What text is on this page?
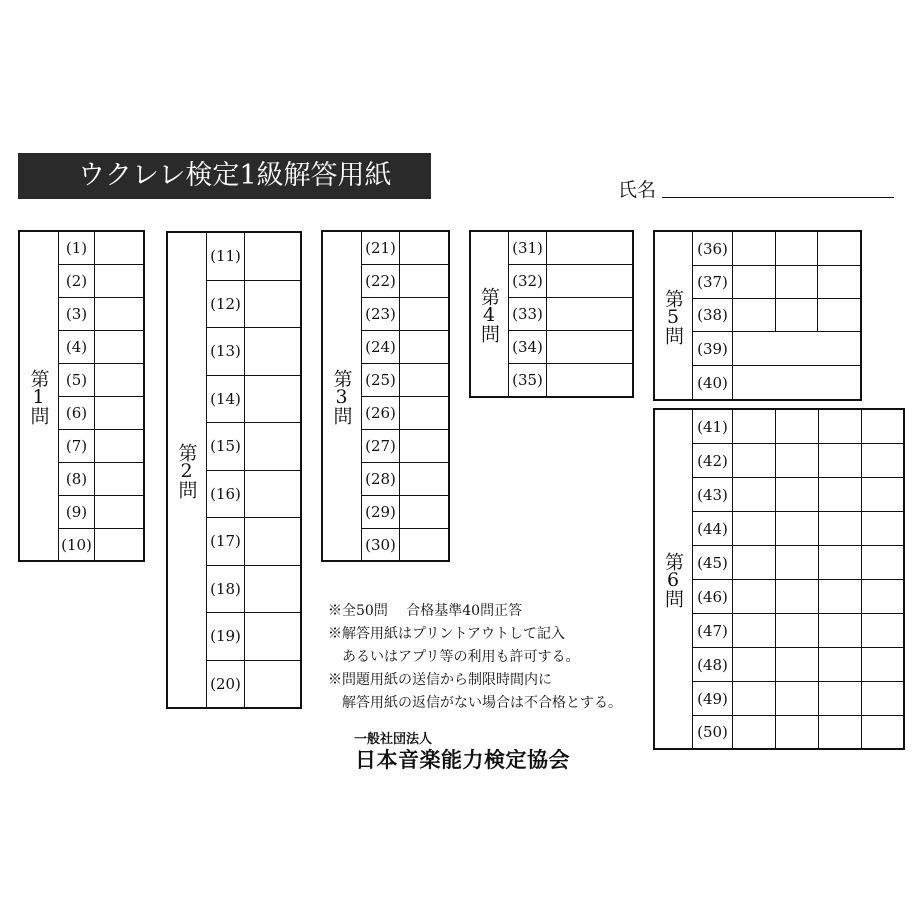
ウクレレ検定1級解答用紙	氏名
第1問
(1)
(2)
(3)
(4)
(5)
(6)
(7)
(8)
(9)
(10)
第2問
(11)
(12)
(13)
(14)
(15)
(16)
(17)
(18)
(19)
(20)
第3問
(21)
(22)
(23)
(24)
(25)
(26)
(27)
(28)
(29)
(30)
第4問
(31)
(32)
(33)
(34)
(35)
第5問
(36)
(37)
(38)
(39)
(40)
第6問
(41)
(42)
(43)
(44)
(45)
(46)
(47)
(48)
(49)
(50)
※全50問　 合格基準40問正答
※解答用紙はプリントアウトして記入
　あるいはアプリ等の利用も許可する。
※問題用紙の送信から制限時間内に
　解答用紙の返信がない場合は不合格とする。
一般社団法人
日本音楽能力検定協会
